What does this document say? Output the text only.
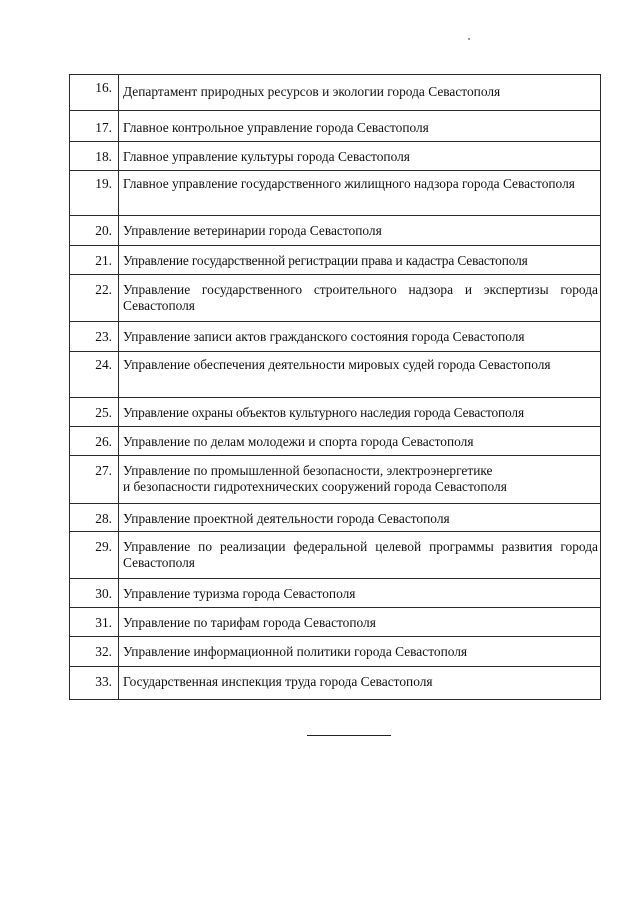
16.	Департамент природных ресурсов и экологии города Севастополя
17.	Главное контрольное управление города Севастополя
18.	Главное управление культуры города Севастополя
19.	Главное управление государственного жилищного надзора города Севастополя
20.	Управление ветеринарии города Севастополя
21.	Управление государственной регистрации права и кадастра Севастополя
22.	Управление государственного строительного надзора и экспертизы города Севастополя
23.	Управление записи актов гражданского состояния города Севастополя
24.	Управление обеспечения деятельности мировых судей города Севастополя
25.	Управление охраны объектов культурного наследия города Севастополя
26.	Управление по делам молодежи и спорта города Севастополя
27.	Управление по промышленной безопасности, электроэнергетике
и безопасности гидротехнических сооружений города Севастополя
28.	Управление проектной деятельности города Севастополя
29.	Управление по реализации федеральной целевой программы развития города Севастополя
30.	Управление туризма города Севастополя
31.	Управление по тарифам города Севастополя
32.	Управление информационной политики города Севастополя
33.	Государственная инспекция труда города Севастополя
